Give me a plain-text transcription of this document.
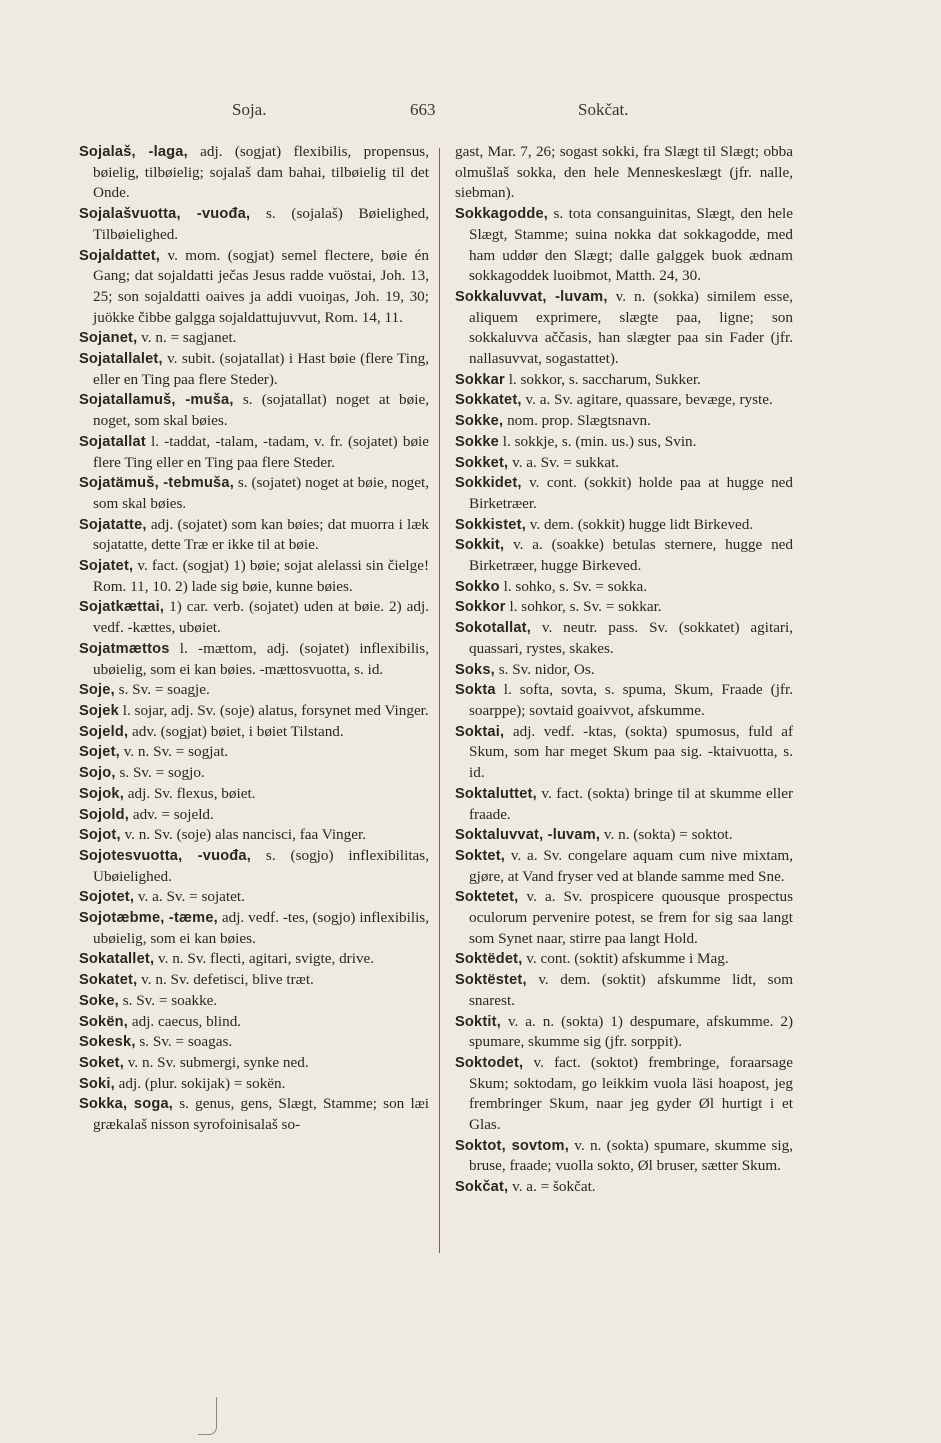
Soja.	663	Sokčat.

Sojalaš, -laǥa, adj. (sogjat) flexibilis, propensus, bøielig, tilbøielig; sojalaš dam bahai, tilbøielig til det Onde.

Sojalašvuotta, -vuođa, s. (sojalaš) Bøielighed, Tilbøielighed.

Sojaldattet, v. mom. (sogjat) semel flectere, bøie én Gang; dat sojaldatti ječas Jesus radde vuöstai, Joh. 13, 25; son sojaldatti oaives ja addi vuoiŋas, Joh. 19, 30; juökke čibbe galgga sojaldattujuvvut, Rom. 14, 11.

Sojanet, v. n. = sagjanet.

Sojatallalet, v. subit. (sojatallat) i Hast bøie (flere Ting, eller en Ting paa flere Steder).

Sojatallamuš, -muša, s. (sojatallat) noget at bøie, noget, som skal bøies.

Sojatallat l. -taddat, -talam, -tadam, v. fr. (sojatet) bøie flere Ting eller en Ting paa flere Steder.

Sojatämuš, -tebmuša, s. (sojatet) noget at bøie, noget, som skal bøies.

Sojatatte, adj. (sojatet) som kan bøies; dat muorra i læk sojatatte, dette Træ er ikke til at bøie.

Sojatet, v. fact. (sogjat) 1) bøie; sojat alelassi sin čielge! Rom. 11, 10. 2) lade sig bøie, kunne bøies.

Sojatkættai, 1) car. verb. (sojatet) uden at bøie. 2) adj. vedf. -kættes, ubøiet.

Sojatmættos l. -mættom, adj. (sojatet) inflexibilis, ubøielig, som ei kan bøies. -mættosvuotta, s. id.

Soje, s. Sv. = soagje.

Sojek l. sojar, adj. Sv. (soje) alatus, forsynet med Vinger.

Sojeld, adv. (sogjat) bøiet, i bøiet Tilstand.

Sojet, v. n. Sv. = sogjat.

Sojo, s. Sv. = sogjo.

Sojok, adj. Sv. flexus, bøiet.

Sojold, adv. = sojeld.

Sojot, v. n. Sv. (soje) alas nancisci, faa Vinger.

Sojotesvuotta, -vuođa, s. (sogjo) inflexibilitas, Ubøielighed.

Sojotet, v. a. Sv. = sojatet.

Sojotæbme, -tæme, adj. vedf. -tes, (sogjo) inflexibilis, ubøielig, som ei kan bøies.

Sokatallet, v. n. Sv. flecti, agitari, svigte, drive.

Sokatet, v. n. Sv. defetisci, blive træt.

Soke, s. Sv. = soakke.

Sokën, adj. caecus, blind.

Sokesk, s. Sv. = soagas.

Soket, v. n. Sv. submergi, synke ned.

Soki, adj. (plur. sokijak) = sokën.

Sokka, soga, s. genus, gens, Slægt, Stamme; son læi grækalaš nisson syrofoinisalaš so-

gast, Mar. 7, 26; sogast sokki, fra Slægt til Slægt; obba olmušlaš sokka, den hele Menneskeslægt (jfr. nalle, siebman).

Sokkagodde, s. tota consanguinitas, Slægt, den hele Slægt, Stamme; suina nokka dat sokkagodde, med ham uddør den Slægt; dalle galggek buok ædnam sokkagoddek luoibmot, Matth. 24, 30.

Sokkaluvvat, -luvam, v. n. (sokka) similem esse, aliquem exprimere, slægte paa, ligne; son sokkaluvva aččasis, han slægter paa sin Fader (jfr. nallasuvvat, sogastattet).

Sokkar l. sokkor, s. saccharum, Sukker.

Sokkatet, v. a. Sv. agitare, quassare, bevæge, ryste.

Sokke, nom. prop. Slægtsnavn.

Sokke l. sokkje, s. (min. us.) sus, Svin.

Sokket, v. a. Sv. = sukkat.

Sokkidet, v. cont. (sokkit) holde paa at hugge ned Birketræer.

Sokkistet, v. dem. (sokkit) hugge lidt Birkeved.

Sokkit, v. a. (soakke) betulas sternere, hugge ned Birketræer, hugge Birkeved.

Sokko l. sohko, s. Sv. = sokka.

Sokkor l. sohkor, s. Sv. = sokkar.

Sokotallat, v. neutr. pass. Sv. (sokkatet) agitari, quassari, rystes, skakes.

Soks, s. Sv. nidor, Os.

Sokta l. softa, sovta, s. spuma, Skum, Fraade (jfr. soarppe); sovtaid goaivvot, afskumme.

Soktai, adj. vedf. -ktas, (sokta) spumosus, fuld af Skum, som har meget Skum paa sig. -ktaivuotta, s. id.

Soktaluttet, v. fact. (sokta) bringe til at skumme eller fraade.

Soktaluvvat, -luvam, v. n. (sokta) = soktot.

Soktet, v. a. Sv. congelare aquam cum nive mixtam, gjøre, at Vand fryser ved at blande samme med Sne.

Soktetet, v. a. Sv. prospicere quousque prospectus oculorum pervenire potest, se frem for sig saa langt som Synet naar, stirre paa langt Hold.

Soktëdet, v. cont. (soktit) afskumme i Mag.

Soktëstet, v. dem. (soktit) afskumme lidt, som snarest.

Soktit, v. a. n. (sokta) 1) despumare, afskumme. 2) spumare, skumme sig (jfr. sorppit).

Soktodet, v. fact. (soktot) frembringe, foraarsage Skum; soktodam, go leikkim vuola läsi hoapost, jeg frembringer Skum, naar jeg gyder Øl hurtigt i et Glas.

Soktot, sovtom, v. n. (sokta) spumare, skumme sig, bruse, fraade; vuolla sokto, Øl bruser, sætter Skum.

Sokčat, v. a. = šokčat.
